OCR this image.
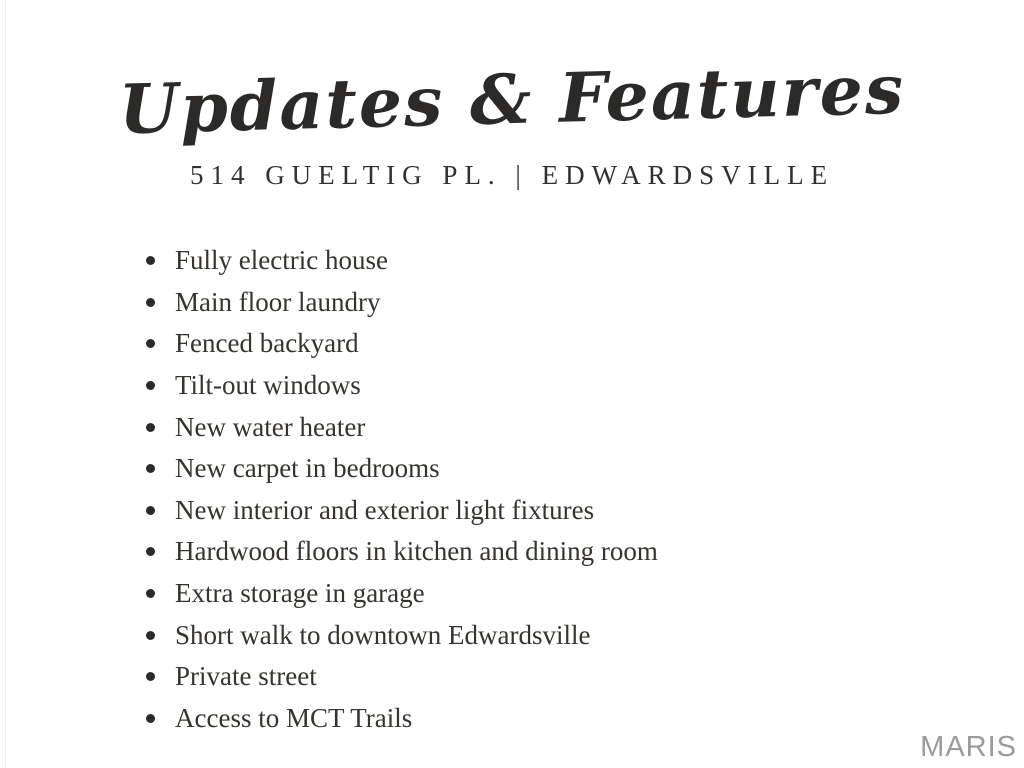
Updates & Features
514 GUELTIG PL. | EDWARDSVILLE
Fully electric house
Main floor laundry
Fenced backyard
Tilt-out windows
New water heater
New carpet in bedrooms
New interior and exterior light fixtures
Hardwood floors in kitchen and dining room
Extra storage in garage
Short walk to downtown Edwardsville
Private street
Access to MCT Trails
MARIS
